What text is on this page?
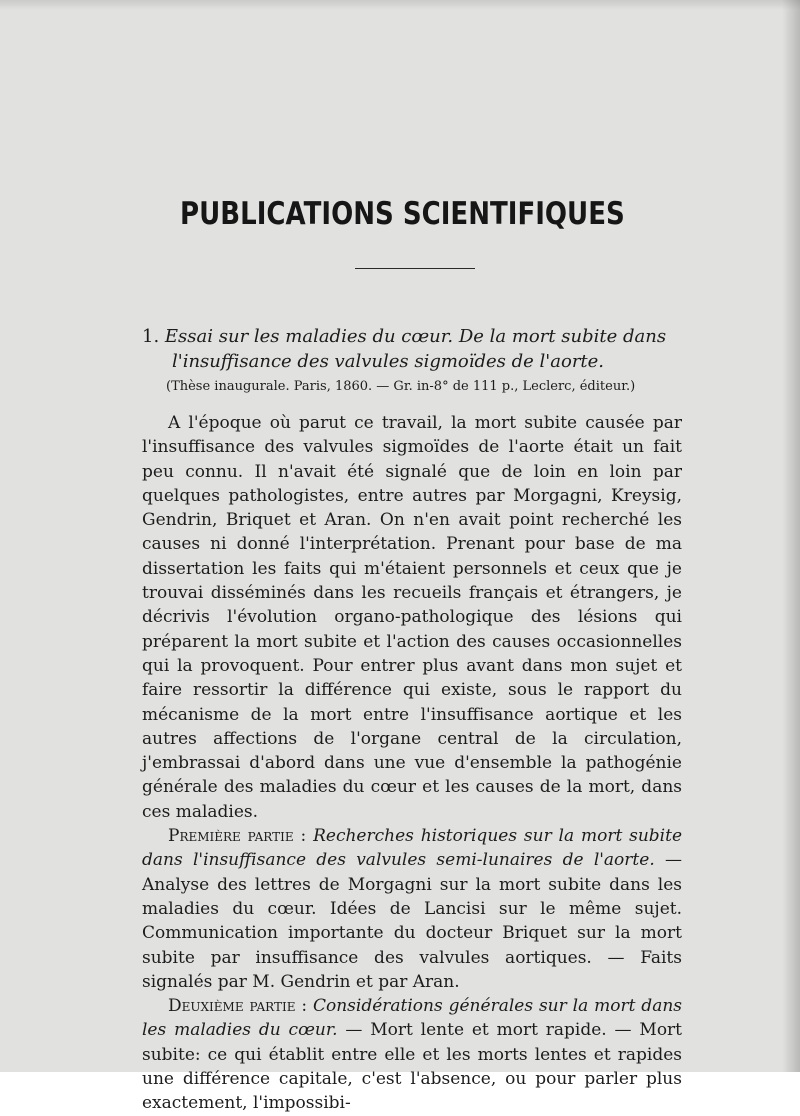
PUBLICATIONS SCIENTIFIQUES
1. Essai sur les maladies du cœur. De la mort subite dans
l'insuffisance des valvules sigmoïdes de l'aorte.
(Thèse inaugurale. Paris, 1860. — Gr. in-8° de 111 p., Leclerc, éditeur.)

A l'époque où parut ce travail, la mort subite causée par l'insuffisance des valvules sigmoïdes de l'aorte était un fait peu connu. Il n'avait été signalé que de loin en loin par quelques pathologistes, entre autres par Morgagni, Kreysig, Gendrin, Briquet et Aran. On n'en avait point recherché les causes ni donné l'interprétation. Prenant pour base de ma dissertation les faits qui m'étaient personnels et ceux que je trouvai disséminés dans les recueils français et étrangers, je décrivis l'évolution organo-pathologique des lésions qui préparent la mort subite et l'action des causes occasionnelles qui la provoquent. Pour entrer plus avant dans mon sujet et faire ressortir la différence qui existe, sous le rapport du mécanisme de la mort entre l'insuffisance aortique et les autres affections de l'organe central de la circulation, j'embrassai d'abord dans une vue d'ensemble la pathogénie générale des maladies du cœur et les causes de la mort, dans ces maladies.

Première partie : Recherches historiques sur la mort subite dans l'insuffisance des valvules semi-lunaires de l'aorte. — Analyse des lettres de Morgagni sur la mort subite dans les maladies du cœur. Idées de Lancisi sur le même sujet. Communication importante du docteur Briquet sur la mort subite par insuffisance des valvules aortiques. — Faits signalés par M. Gendrin et par Aran.

Deuxième partie : Considérations générales sur la mort dans les maladies du cœur. — Mort lente et mort rapide. — Mort subite: ce qui établit entre elle et les morts lentes et rapides une différence capitale, c'est l'absence, ou pour parler plus exactement, l'impossibi-
